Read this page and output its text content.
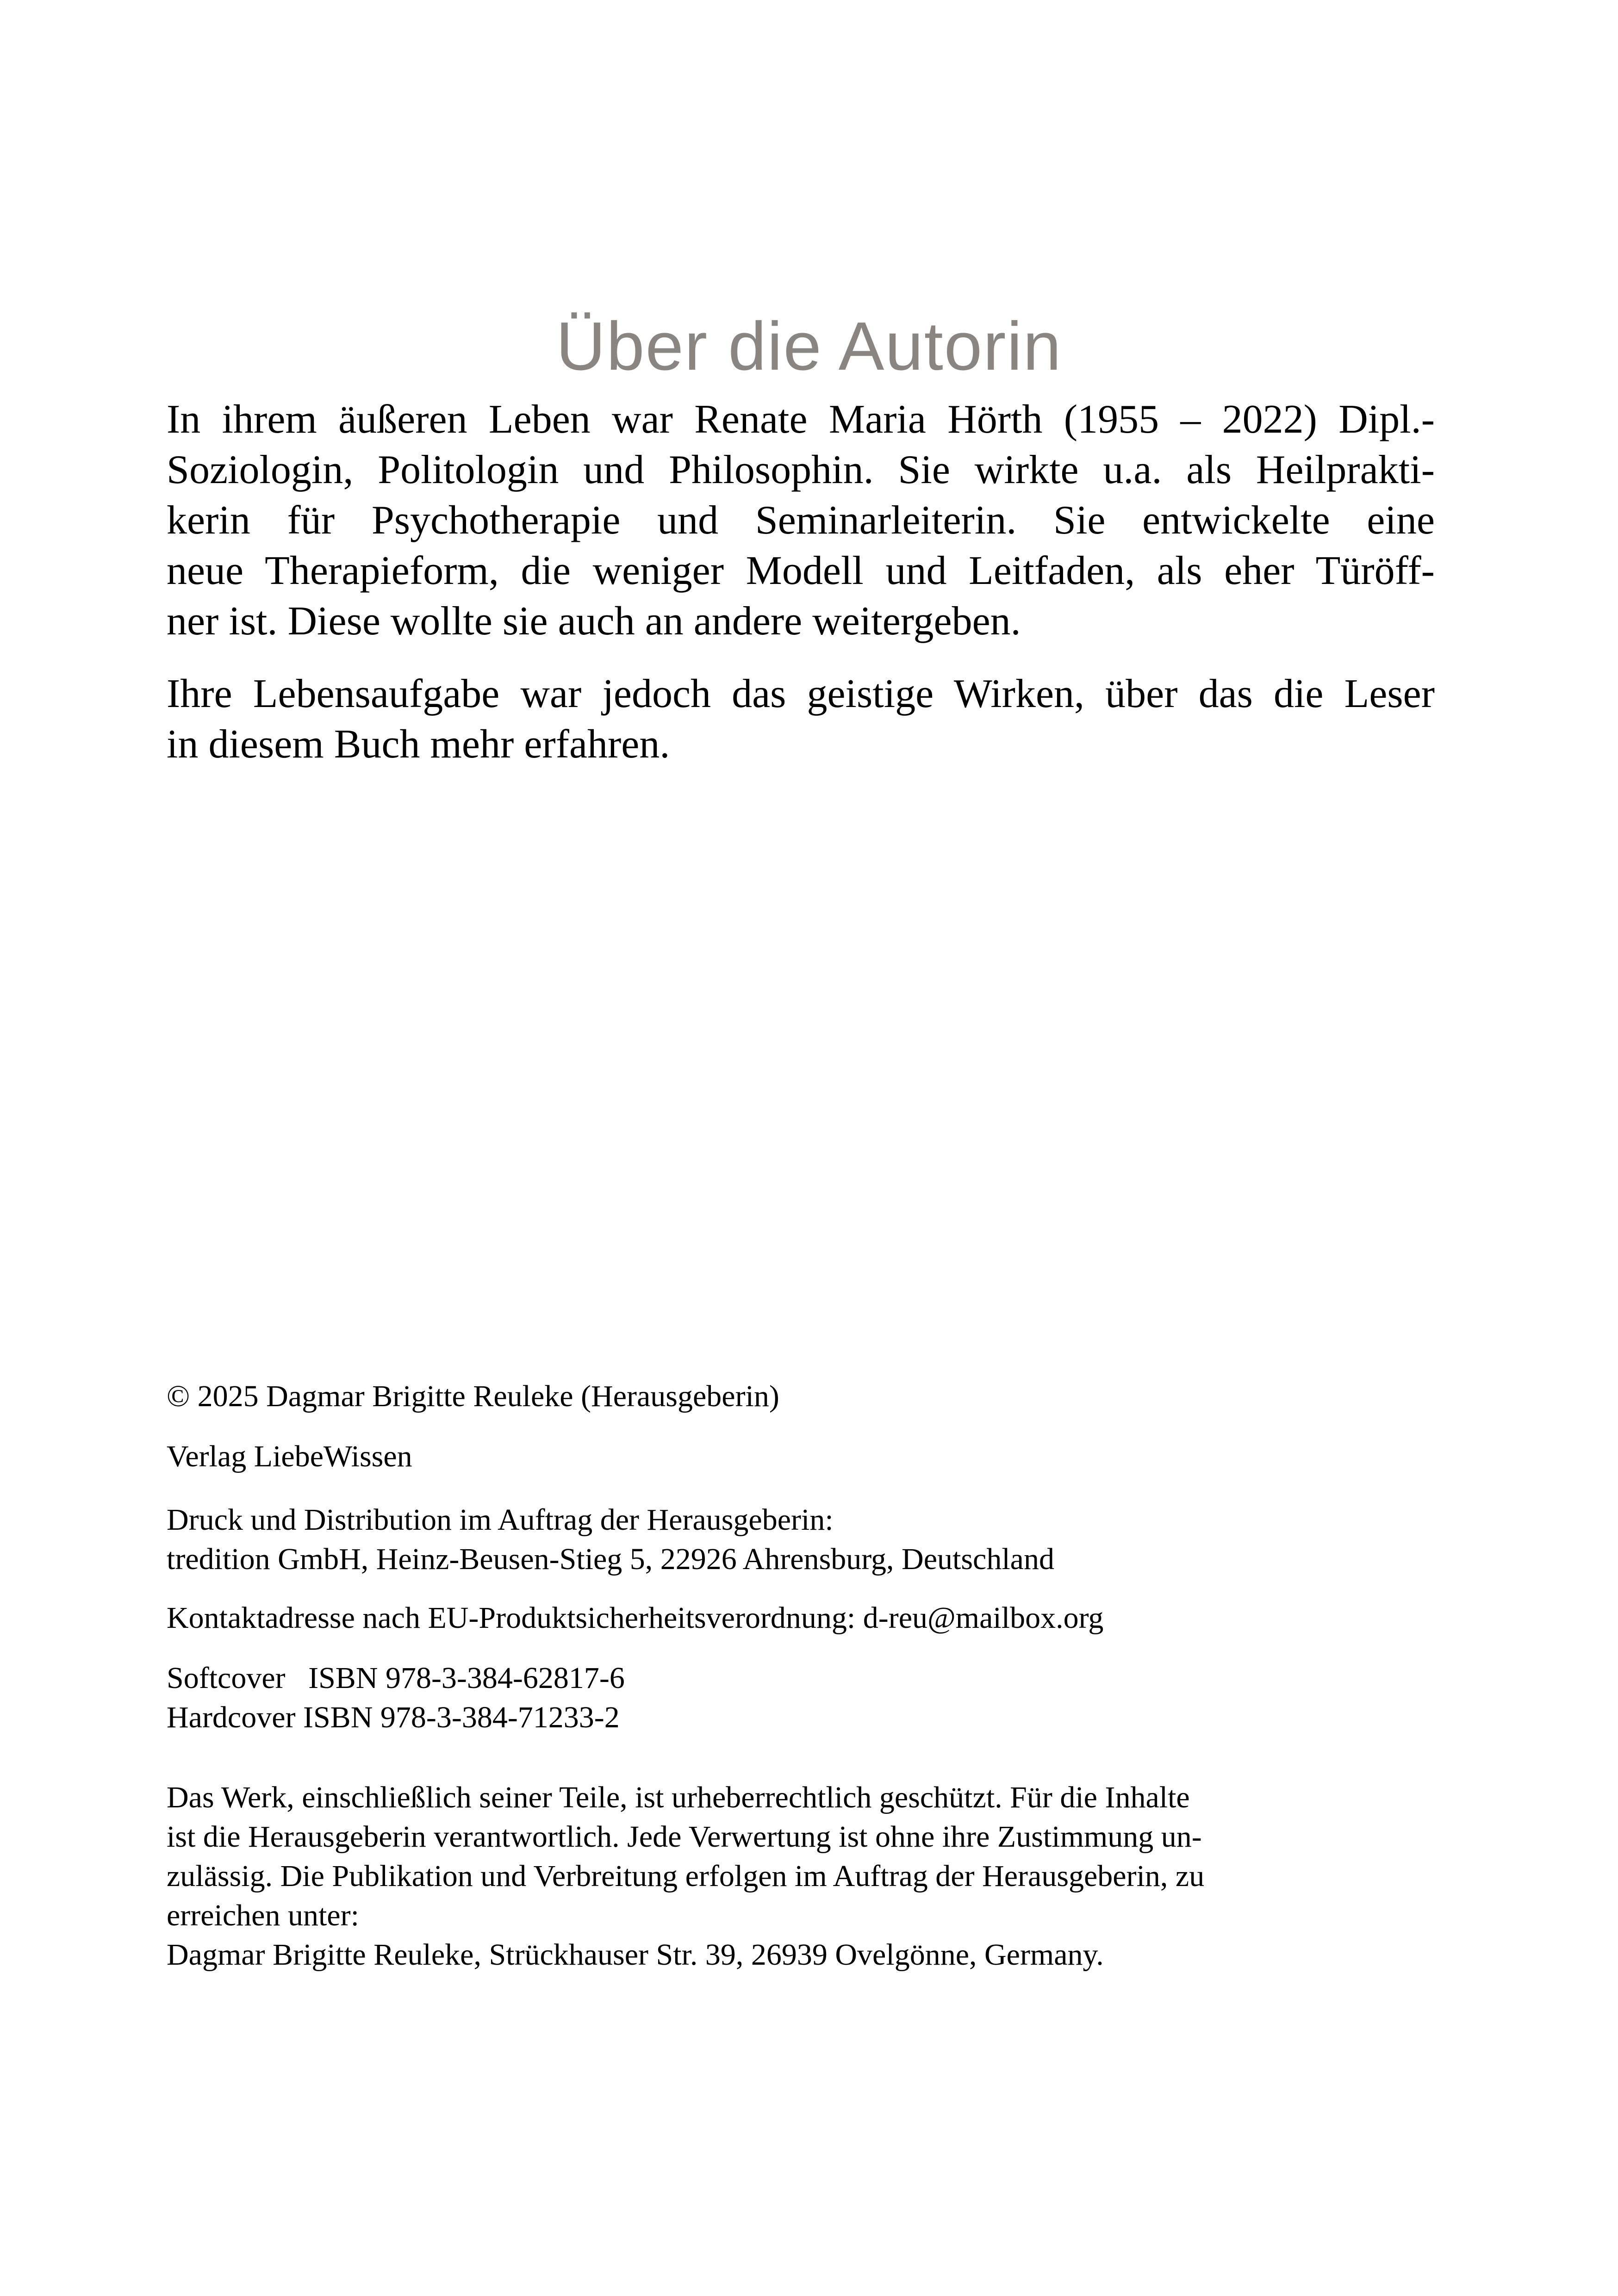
Über die Autorin
In ihrem äußeren Leben war Renate Maria Hörth (1955 – 2022) Dipl.-
Soziologin, Politologin und Philosophin. Sie wirkte u.a. als Heilprakti-
kerin für Psychotherapie und Seminarleiterin. Sie entwickelte eine
neue Therapieform, die weniger Modell und Leitfaden, als eher Türöff-
ner ist. Diese wollte sie auch an andere weitergeben.
Ihre Lebensaufgabe war jedoch das geistige Wirken, über das die Leser
in diesem Buch mehr erfahren.
© 2025 Dagmar Brigitte Reuleke (Herausgeberin)
Verlag LiebeWissen
Druck und Distribution im Auftrag der Herausgeberin:
tredition GmbH, Heinz-Beusen-Stieg 5, 22926 Ahrensburg, Deutschland
Kontaktadresse nach EU-Produktsicherheitsverordnung: d-reu@mailbox.org
Softcover   ISBN 978-3-384-62817-6
Hardcover ISBN 978-3-384-71233-2
Das Werk, einschließlich seiner Teile, ist urheberrechtlich geschützt. Für die Inhalte
ist die Herausgeberin verantwortlich. Jede Verwertung ist ohne ihre Zustimmung un-
zulässig. Die Publikation und Verbreitung erfolgen im Auftrag der Herausgeberin, zu
erreichen unter:
Dagmar Brigitte Reuleke, Strückhauser Str. 39, 26939 Ovelgönne, Germany.
